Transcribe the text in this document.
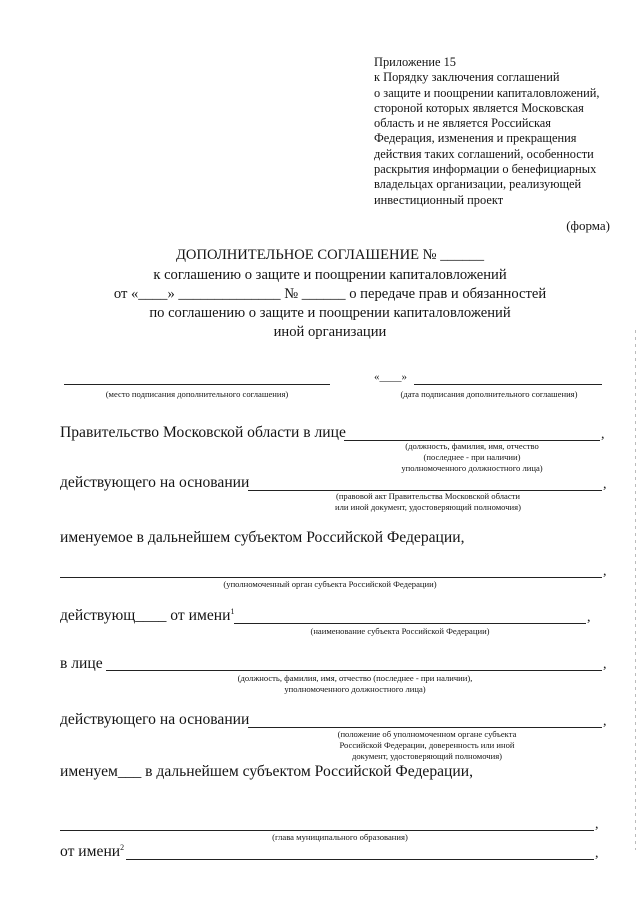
Приложение 15
к Порядку заключения соглашений
о защите и поощрении капиталовложений,
стороной которых является Московская
область и не является Российская
Федерация, изменения и прекращения
действия таких соглашений, особенности
раскрытия информации о бенефициарных
владельцах организации, реализующей
инвестиционный проект
(форма)
ДОПОЛНИТЕЛЬНОЕ СОГЛАШЕНИЕ № ______
к соглашению о защите и поощрении капиталовложений
от «____» ______________ № ______ о передаче прав и обязанностей
по соглашению о защите и поощрении капиталовложений
иной организации
(место подписания дополнительного соглашения)
«____»
(дата подписания дополнительного соглашения)
Правительство Московской области в лице	,
(должность, фамилия, имя, отчество
(последнее - при наличии)
уполномоченного должностного лица)
действующего на основании	,
(правовой акт Правительства Московской области
или иной документ, удостоверяющий полномочия)
именуемое в дальнейшем субъектом Российской Федерации,
,
(уполномоченный орган субъекта Российской Федерации)
действующ____ от имени$^1$	,
(наименование субъекта Российской Федерации)
в лице	,
(должность, фамилия, имя, отчество (последнее - при наличии),
уполномоченного должностного лица)
действующего на основании	,
(положение об уполномоченном органе субъекта
Российской Федерации, доверенность или иной
документ, удостоверяющий полномочия)
именуем___ в дальнейшем субъектом Российской Федерации,
,
(глава муниципального образования)
от имени$^2$	,
